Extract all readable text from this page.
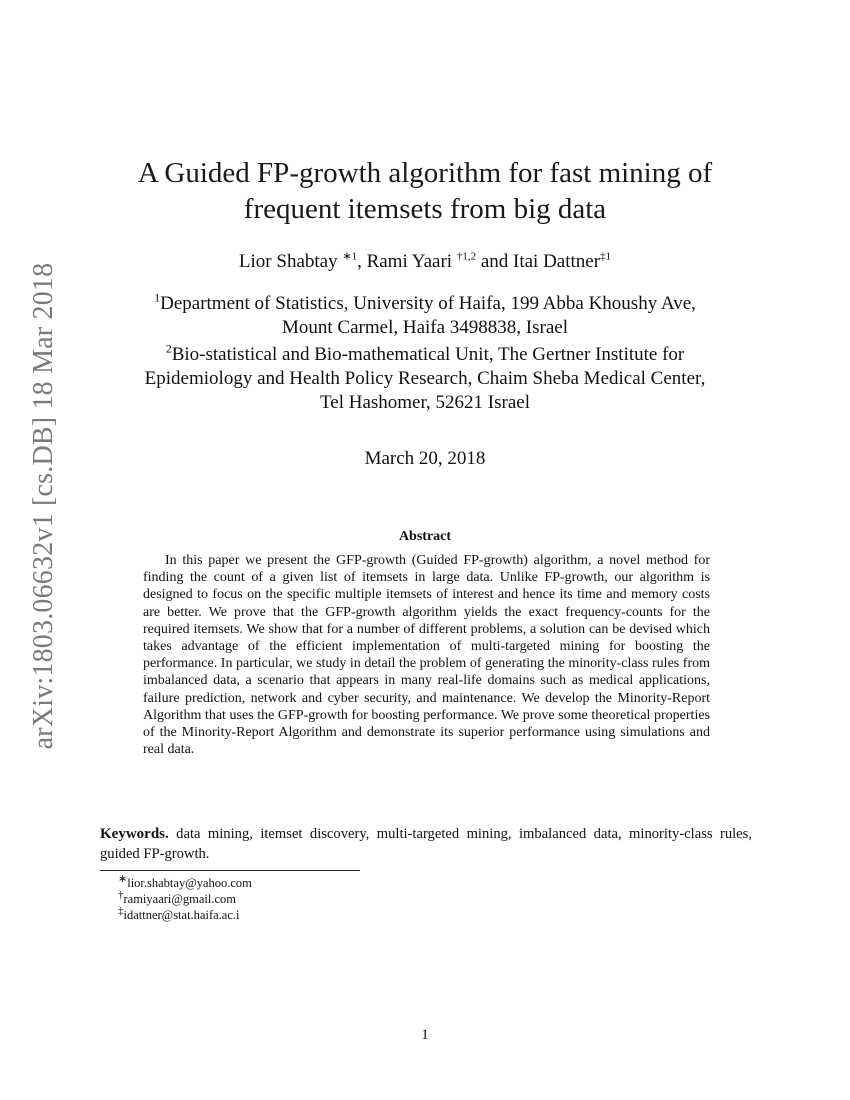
arXiv:1803.06632v1 [cs.DB] 18 Mar 2018
A Guided FP-growth algorithm for fast mining of
frequent itemsets from big data
Lior Shabtay $^{∗1}$, Rami Yaari $^{\dagger 1,2}$ and Itai Dattner$^{\ddagger 1}$
$^1$Department of Statistics, University of Haifa, 199 Abba Khoushy Ave,
Mount Carmel, Haifa 3498838, Israel
$^2$Bio-statistical and Bio-mathematical Unit, The Gertner Institute for
Epidemiology and Health Policy Research, Chaim Sheba Medical Center,
Tel Hashomer, 52621 Israel
March 20, 2018
Abstract
In this paper we present the GFP-growth (Guided FP-growth) algorithm, a novel method for finding the count of a given list of itemsets in large data. Unlike FP-growth, our algorithm is designed to focus on the specific multiple itemsets of interest and hence its time and memory costs are better. We prove that the GFP-growth algorithm yields the exact frequency-counts for the required itemsets. We show that for a number of different problems, a solution can be devised which takes advantage of the efficient implementation of multi-targeted mining for boosting the performance. In particular, we study in detail the problem of generating the minority-class rules from imbalanced data, a scenario that appears in many real-life domains such as medical applications, failure prediction, network and cyber security, and maintenance. We develop the Minority-Report Algorithm that uses the GFP-growth for boosting performance. We prove some theoretical properties of the Minority-Report Algorithm and demonstrate its superior performance using simulations and real data.
Keywords. data mining, itemset discovery, multi-targeted mining, imbalanced data, minority-class rules, guided FP-growth.
∗lior.shabtay@yahoo.com
†ramiyaari@gmail.com
‡idattner@stat.haifa.ac.i
1
